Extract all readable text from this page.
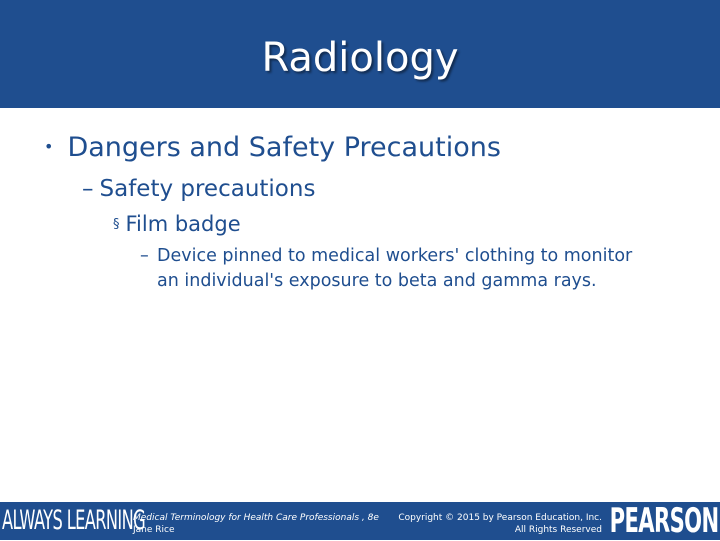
Radiology
• Dangers and Safety Precautions
– Safety precautions
§ Film badge
– Device pinned to medical workers' clothing to monitor an individual's exposure to beta and gamma rays.
ALWAYS LEARNING
Medical Terminology for Health Care Professionals , 8e
Jane Rice
Copyright © 2015 by Pearson Education, Inc.
All Rights Reserved PEARSON
